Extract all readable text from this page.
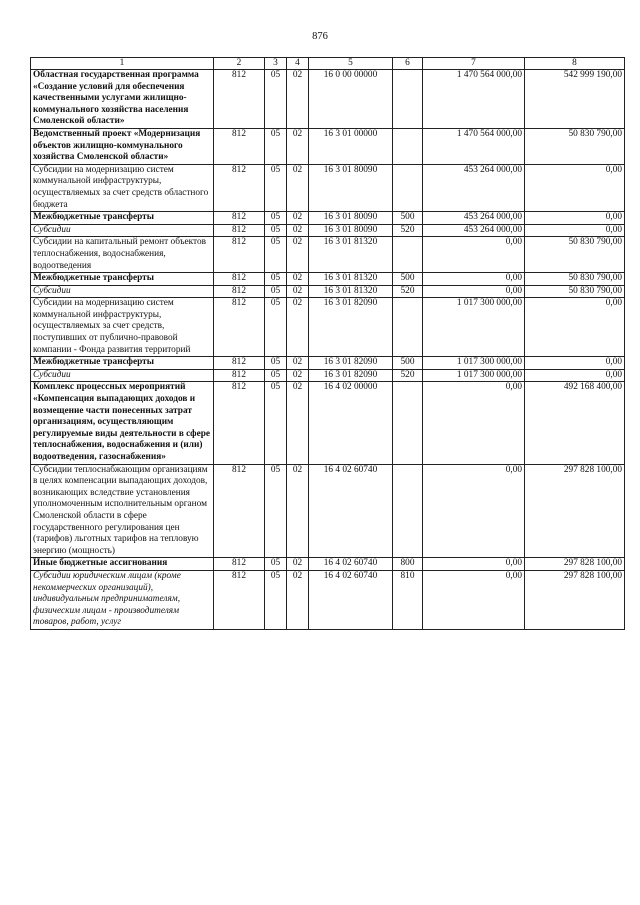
876
1	2	3	4	5	6	7	8
Областная государственная программа «Создание условий для обеспечения качественными услугами жилищно-коммунального хозяйства населения Смоленской области»	812	05	02	16 0 00 00000		1 470 564 000,00	542 999 190,00
Ведомственный проект «Модернизация объектов жилищно-коммунального хозяйства Смоленской области»	812	05	02	16 3 01 00000		1 470 564 000,00	50 830 790,00
Субсидии на модернизацию систем коммунальной инфраструктуры, осуществляемых за счет средств областного бюджета	812	05	02	16 3 01 80090		453 264 000,00	0,00
Межбюджетные трансферты	812	05	02	16 3 01 80090	500	453 264 000,00	0,00
Субсидии	812	05	02	16 3 01 80090	520	453 264 000,00	0,00
Субсидии на капитальный ремонт объектов теплоснабжения, водоснабжения, водоотведения	812	05	02	16 3 01 81320		0,00	50 830 790,00
Межбюджетные трансферты	812	05	02	16 3 01 81320	500	0,00	50 830 790,00
Субсидии	812	05	02	16 3 01 81320	520	0,00	50 830 790,00
Субсидии на модернизацию систем коммунальной инфраструктуры, осуществляемых за счет средств, поступивших от публично-правовой компании - Фонда развития территорий	812	05	02	16 3 01 82090		1 017 300 000,00	0,00
Межбюджетные трансферты	812	05	02	16 3 01 82090	500	1 017 300 000,00	0,00
Субсидии	812	05	02	16 3 01 82090	520	1 017 300 000,00	0,00
Комплекс процессных мероприятий «Компенсация выпадающих доходов и возмещение части понесенных затрат организациям, осуществляющим регулируемые виды деятельности в сфере теплоснабжения, водоснабжения и (или) водоотведения, газоснабжения»	812	05	02	16 4 02 00000		0,00	492 168 400,00
Субсидии теплоснабжающим организациям в целях компенсации выпадающих доходов, возникающих вследствие установления уполномоченным исполнительным органом Смоленской области в сфере государственного регулирования цен (тарифов) льготных тарифов на тепловую энергию (мощность)	812	05	02	16 4 02 60740		0,00	297 828 100,00
Иные бюджетные ассигнования	812	05	02	16 4 02 60740	800	0,00	297 828 100,00
Субсидии юридическим лицам (кроме некоммерческих организаций), индивидуальным предпринимателям, физическим лицам - производителям товаров, работ, услуг	812	05	02	16 4 02 60740	810	0,00	297 828 100,00
